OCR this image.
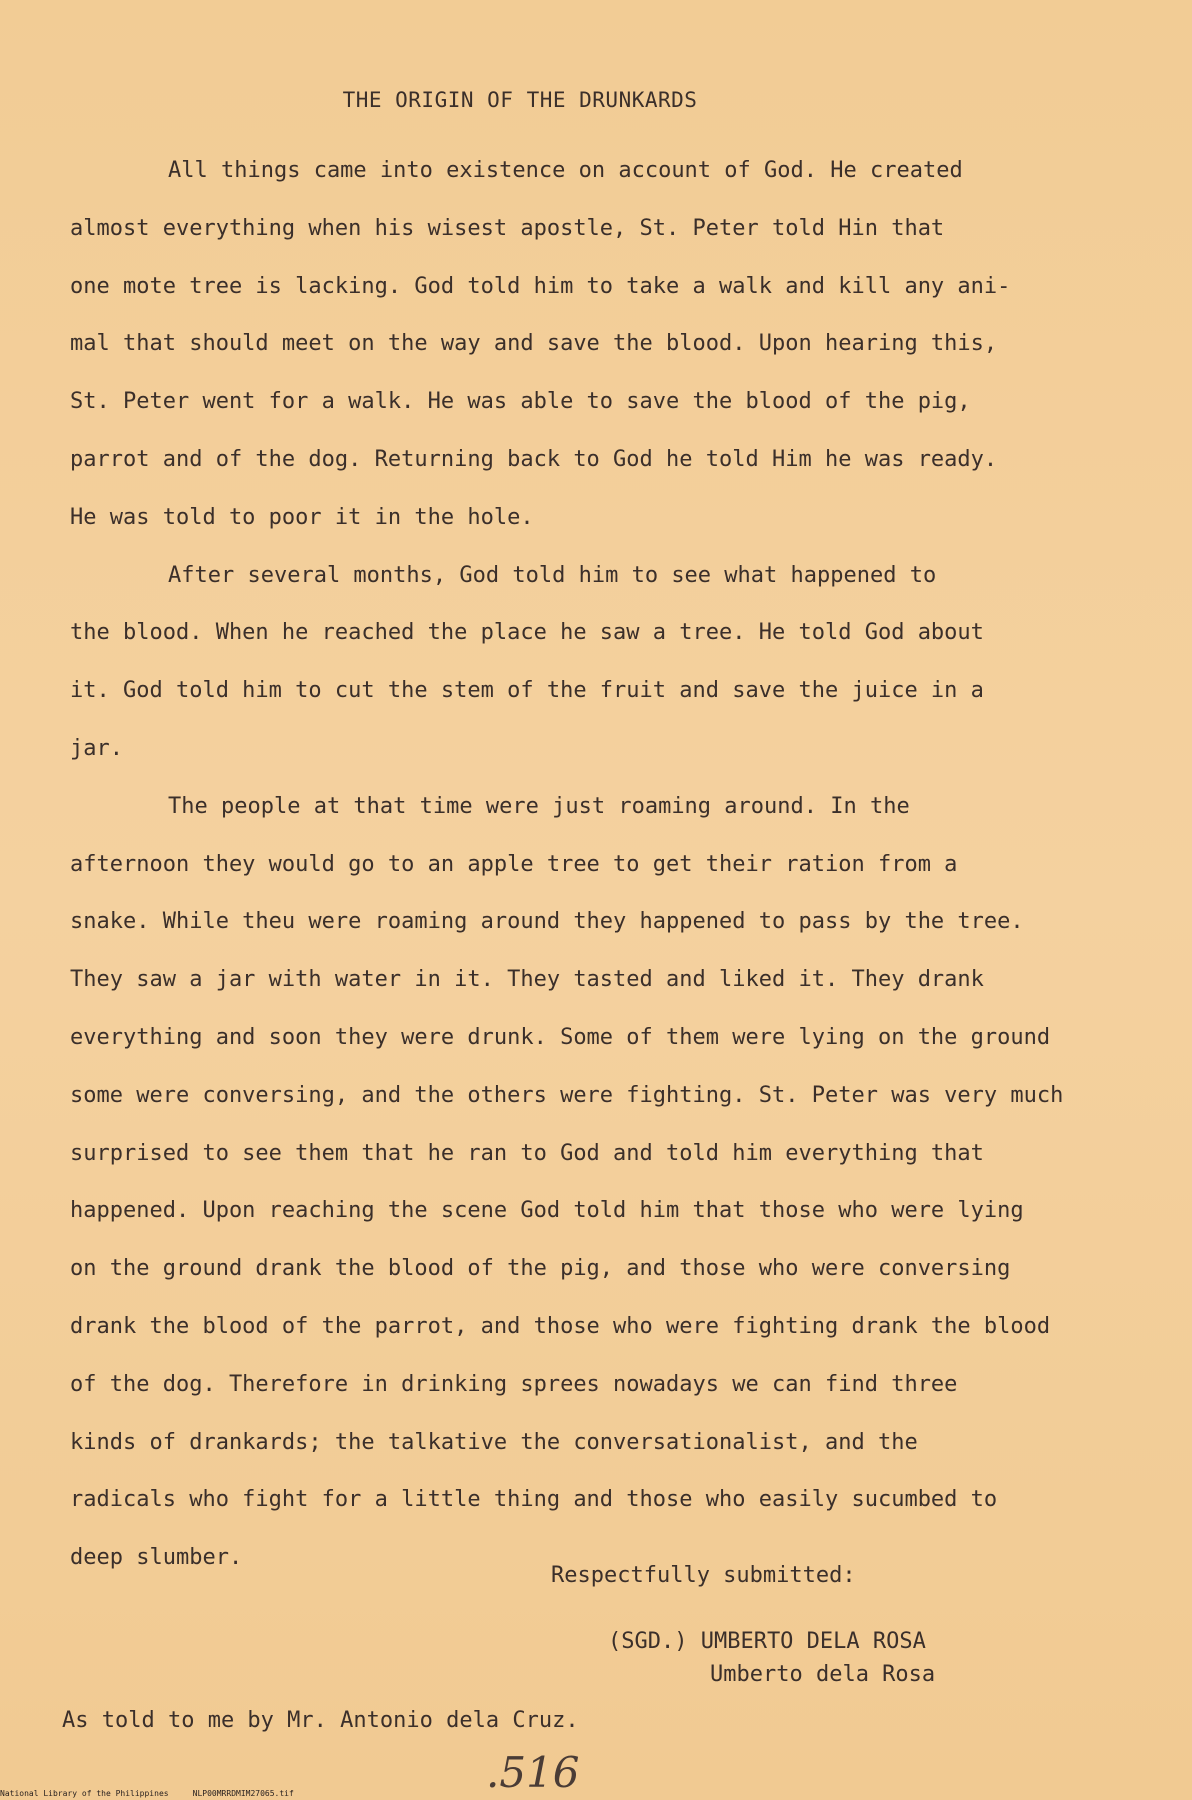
THE ORIGIN OF THE DRUNKARDS
All things came into existence on account of God. He created
almost everything when his wisest apostle, St. Peter told Hin that
one mote tree is lacking. God told him to take a walk and kill any ani-
mal that should meet on the way and save the blood. Upon hearing this,
St. Peter went for a walk. He was able to save the blood of the pig,
parrot and of the dog. Returning back to God he told Him he was ready.
He was told to poor it in the hole.
After several months, God told him to see what happened to
the blood. When he reached the place he saw a tree. He told God about
it. God told him to cut the stem of the fruit and save the juice in a
jar.
The people at that time were just roaming around. In the
afternoon they would go to an apple tree to get their ration from a
snake. While theu were roaming around they happened to pass by the tree.
They saw a jar with water in it. They tasted and liked it. They drank
everything and soon they were drunk. Some of them were lying on the ground
some were conversing, and the others were fighting. St. Peter was very much
surprised to see them that he ran to God and told him everything that
happened. Upon reaching the scene God told him that those who were lying
on the ground drank the blood of the pig, and those who were conversing
drank the blood of the parrot, and those who were fighting drank the blood
of the dog. Therefore in drinking sprees nowadays we can find three
kinds of drankards; the talkative the conversationalist, and the
radicals who fight for a little thing and those who easily sucumbed to
deep slumber.
Respectfully submitted:
(SGD.) UMBERTO DELA ROSA
Umberto dela Rosa
As told to me by Mr. Antonio dela Cruz.
.516
National Library of the Philippines     NLP00MRRDMIM27065.tif
